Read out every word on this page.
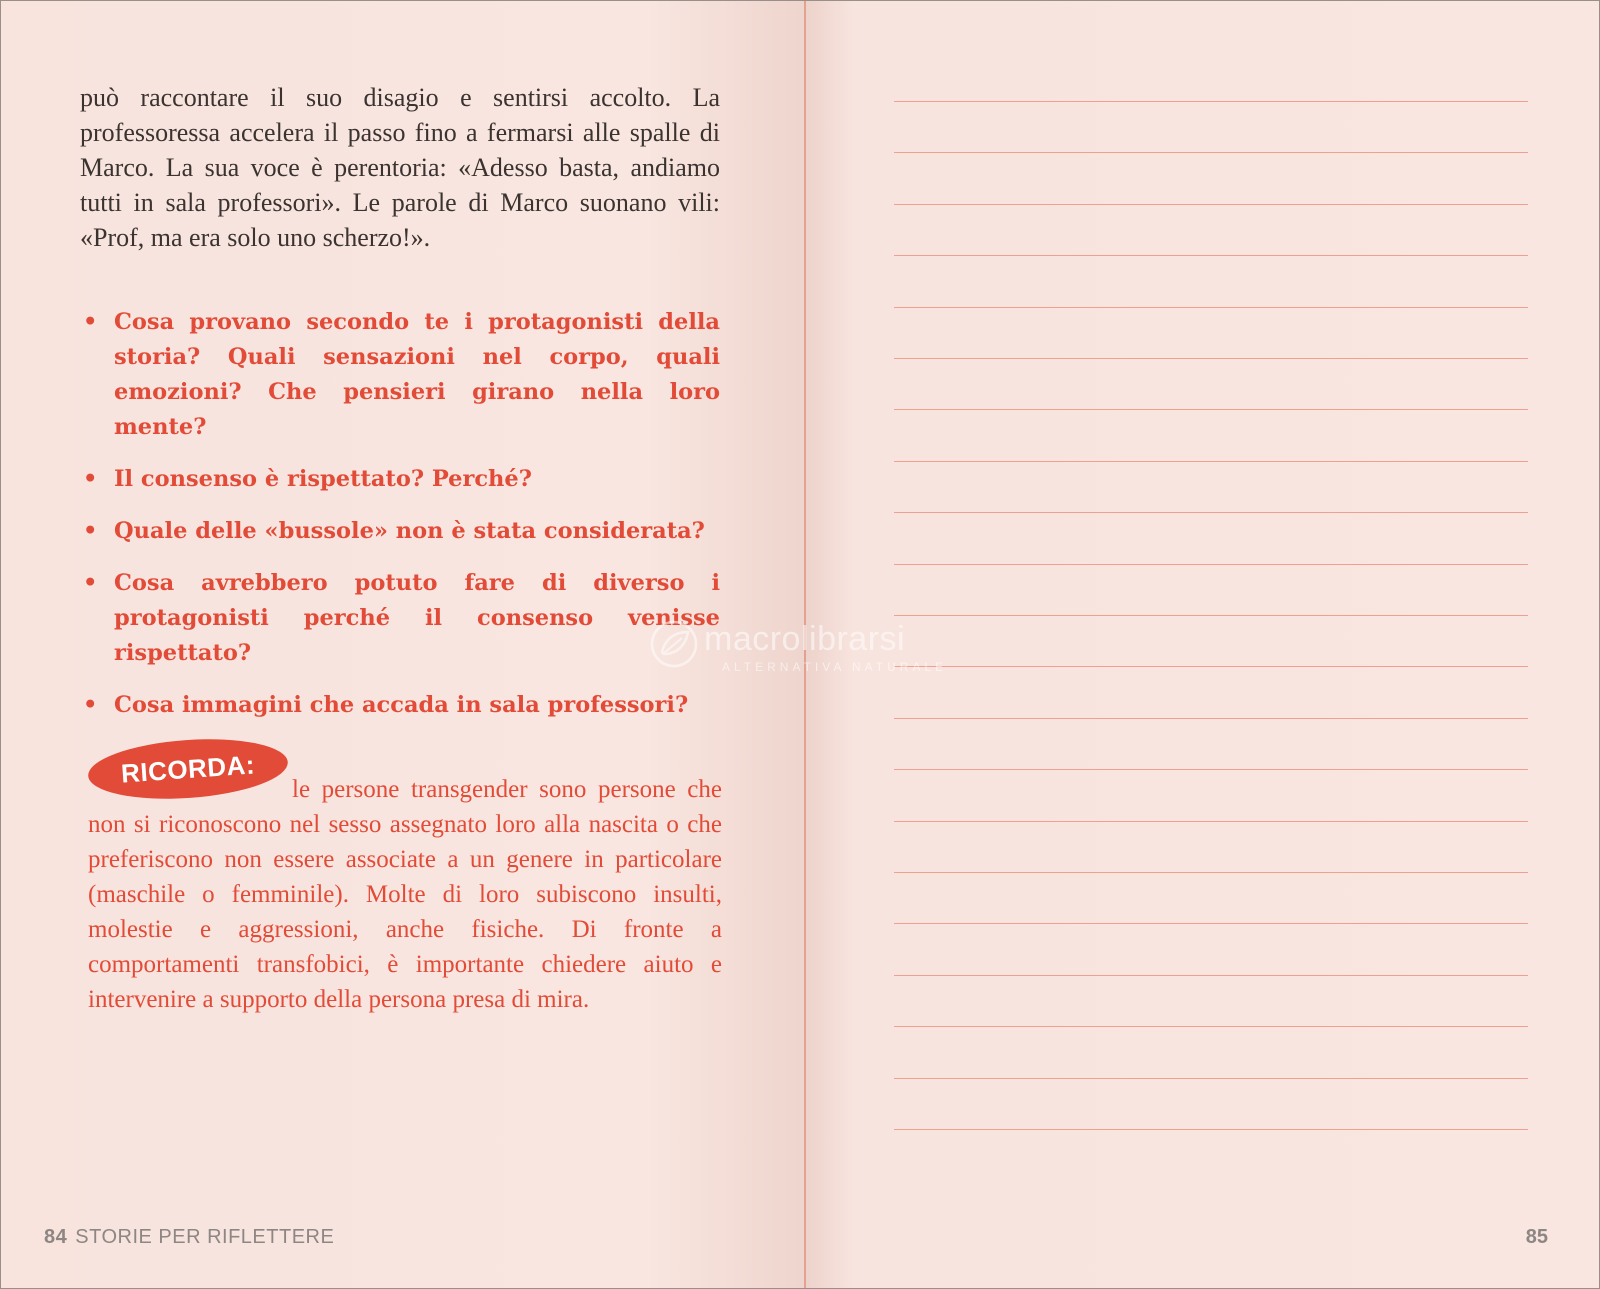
può raccontare il suo disagio e sentirsi accolto. La professoressa accelera il passo fino a fermarsi alle spalle di Marco. La sua voce è perentoria: «Adesso basta, andiamo tutti in sala professori». Le parole di Marco suonano vili: «Prof, ma era solo uno scherzo!».

• Cosa provano secondo te i protagonisti della storia? Quali sensazioni nel corpo, quali emozioni? Che pensieri girano nella loro mente?
• Il consenso è rispettato? Perché?
• Quale delle «bussole» non è stata considerata?
• Cosa avrebbero potuto fare di diverso i protagonisti perché il consenso venisse rispettato?
• Cosa immagini che accada in sala professori?

le persone transgender sono persone che non si riconoscono nel sesso assegnato loro alla nascita o che preferiscono non essere associate a un genere in particolare (maschile o femminile). Molte di loro subiscono insulti, molestie e aggressioni, anche fisiche. Di fronte a comportamenti transfobici, è importante chiedere aiuto e intervenire a supporto della persona presa di mira.

RICORDA:
84 STORIE PER RIFLETTERE	85
macrolibrarsi
ALTERNATIVA NATURALE
